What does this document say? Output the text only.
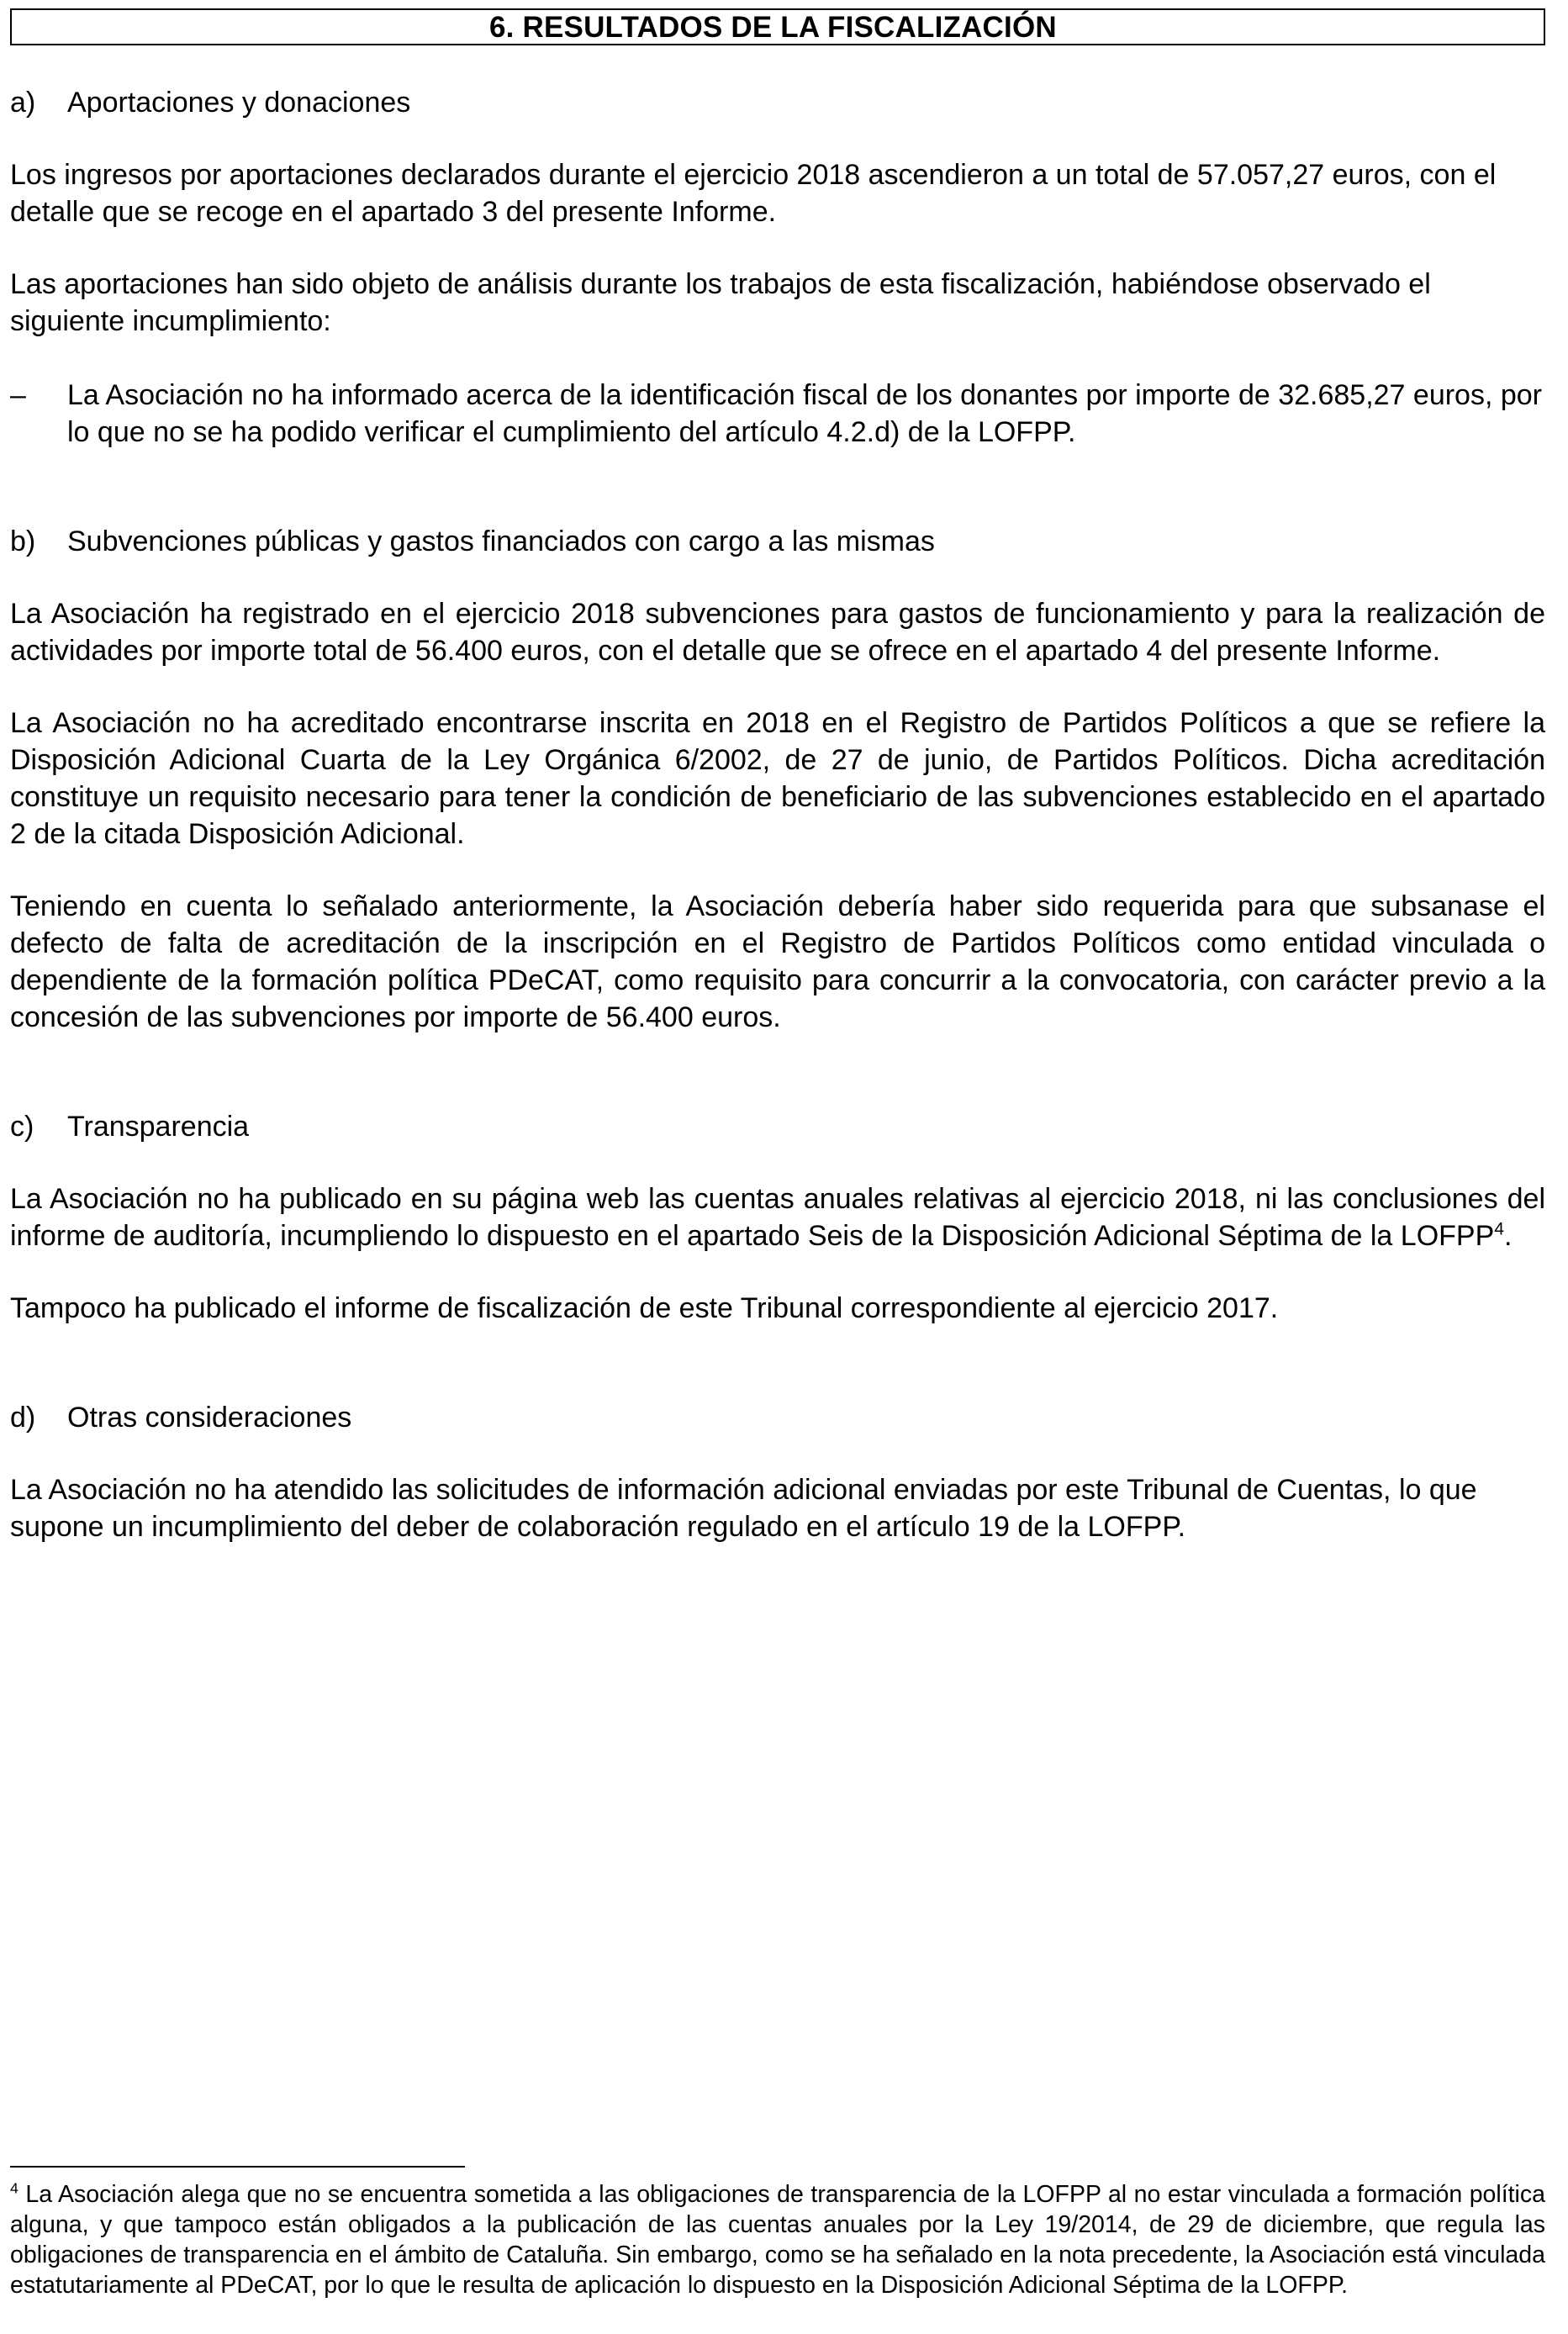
6. RESULTADOS DE LA FISCALIZACIÓN
a)	Aportaciones y donaciones

Los ingresos por aportaciones declarados durante el ejercicio 2018 ascendieron a un total de 57.057,27 euros, con el detalle que se recoge en el apartado 3 del presente Informe.

Las aportaciones han sido objeto de análisis durante los trabajos de esta fiscalización, habiéndose observado el siguiente incumplimiento:

–	La Asociación no ha informado acerca de la identificación fiscal de los donantes por importe de 32.685,27 euros, por lo que no se ha podido verificar el cumplimiento del artículo 4.2.d) de la LOFPP.
b)	Subvenciones públicas y gastos financiados con cargo a las mismas

La Asociación ha registrado en el ejercicio 2018 subvenciones para gastos de funcionamiento y para la realización de actividades por importe total de 56.400 euros, con el detalle que se ofrece en el apartado 4 del presente Informe.

La Asociación no ha acreditado encontrarse inscrita en 2018 en el Registro de Partidos Políticos a que se refiere la Disposición Adicional Cuarta de la Ley Orgánica 6/2002, de 27 de junio, de Partidos Políticos. Dicha acreditación constituye un requisito necesario para tener la condición de beneficiario de las subvenciones establecido en el apartado 2 de la citada Disposición Adicional.

Teniendo en cuenta lo señalado anteriormente, la Asociación debería haber sido requerida para que subsanase el defecto de falta de acreditación de la inscripción en el Registro de Partidos Políticos como entidad vinculada o dependiente de la formación política PDeCAT, como requisito para concurrir a la convocatoria, con carácter previo a la concesión de las subvenciones por importe de 56.400 euros.

c)	Transparencia

La Asociación no ha publicado en su página web las cuentas anuales relativas al ejercicio 2018, ni las conclusiones del informe de auditoría, incumpliendo lo dispuesto en el apartado Seis de la Disposición Adicional Séptima de la LOFPP$^4$.

Tampoco ha publicado el informe de fiscalización de este Tribunal correspondiente al ejercicio 2017.

d)	Otras consideraciones

La Asociación no ha atendido las solicitudes de información adicional enviadas por este Tribunal de Cuentas, lo que supone un incumplimiento del deber de colaboración regulado en el artículo 19 de la LOFPP.

$^4$ La Asociación alega que no se encuentra sometida a las obligaciones de transparencia de la LOFPP al no estar vinculada a formación política alguna, y que tampoco están obligados a la publicación de las cuentas anuales por la Ley 19/2014, de 29 de diciembre, que regula las obligaciones de transparencia en el ámbito de Cataluña. Sin embargo, como se ha señalado en la nota precedente, la Asociación está vinculada estatutariamente al PDeCAT, por lo que le resulta de aplicación lo dispuesto en la Disposición Adicional Séptima de la LOFPP.
